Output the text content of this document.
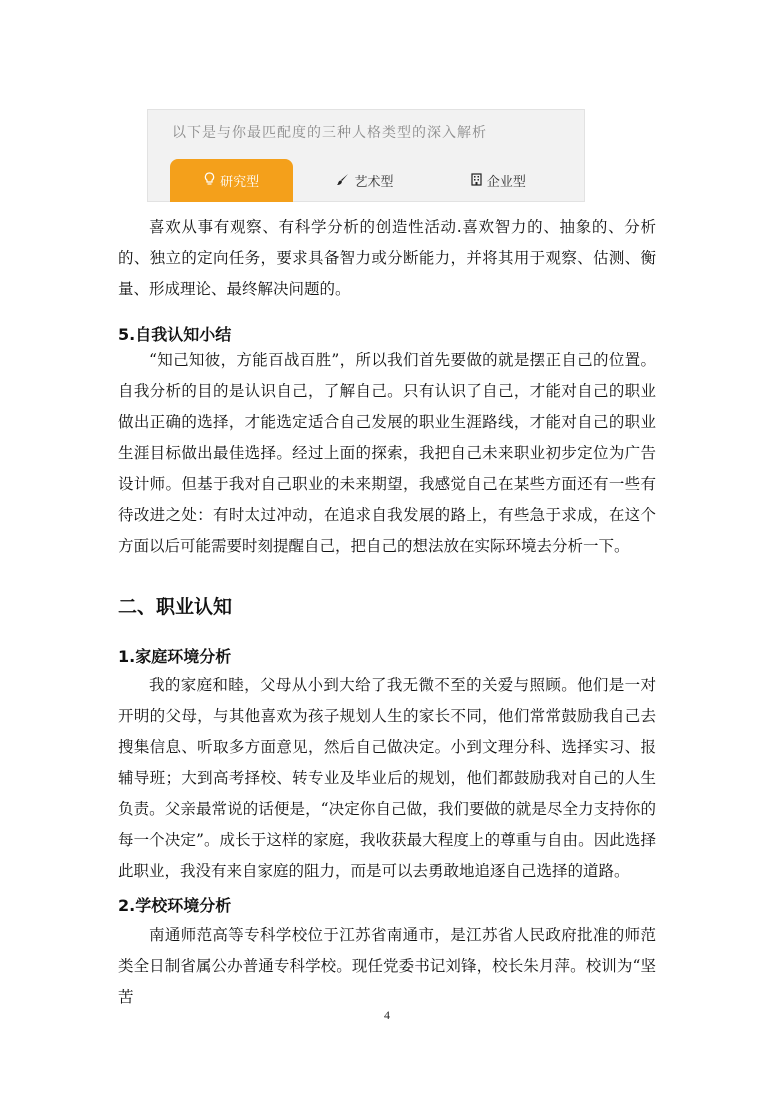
以下是与你最匹配度的三种人格类型的深入解析
研究型	艺术型	企业型
喜欢从事有观察、有科学分析的创造性活动.喜欢智力的、抽象的、分析的、独立的定向任务，要求具备智力或分断能力，并将其用于观察、估测、衡量、形成理论、最终解决问题的。
5.自我认知小结
“知己知彼，方能百战百胜”，所以我们首先要做的就是摆正自己的位置。自我分析的目的是认识自己，了解自己。只有认识了自己，才能对自己的职业做出正确的选择，才能选定适合自己发展的职业生涯路线，才能对自己的职业生涯目标做出最佳选择。经过上面的探索，我把自己未来职业初步定位为广告设计师。但基于我对自己职业的未来期望，我感觉自己在某些方面还有一些有待改进之处：有时太过冲动，在追求自我发展的路上，有些急于求成，在这个方面以后可能需要时刻提醒自己，把自己的想法放在实际环境去分析一下。
二、职业认知
1.家庭环境分析
我的家庭和睦，父母从小到大给了我无微不至的关爱与照顾。他们是一对开明的父母，与其他喜欢为孩子规划人生的家长不同，他们常常鼓励我自己去搜集信息、听取多方面意见，然后自己做决定。小到文理分科、选择实习、报辅导班；大到高考择校、转专业及毕业后的规划，他们都鼓励我对自己的人生负责。父亲最常说的话便是，“决定你自己做，我们要做的就是尽全力支持你的每一个决定”。成长于这样的家庭，我收获最大程度上的尊重与自由。因此选择此职业，我没有来自家庭的阻力，而是可以去勇敢地追逐自己选择的道路。
2.学校环境分析
南通师范高等专科学校位于江苏省南通市，是江苏省人民政府批准的师范类全日制省属公办普通专科学校。现任党委书记刘锋，校长朱月萍。校训为“坚苦
4
